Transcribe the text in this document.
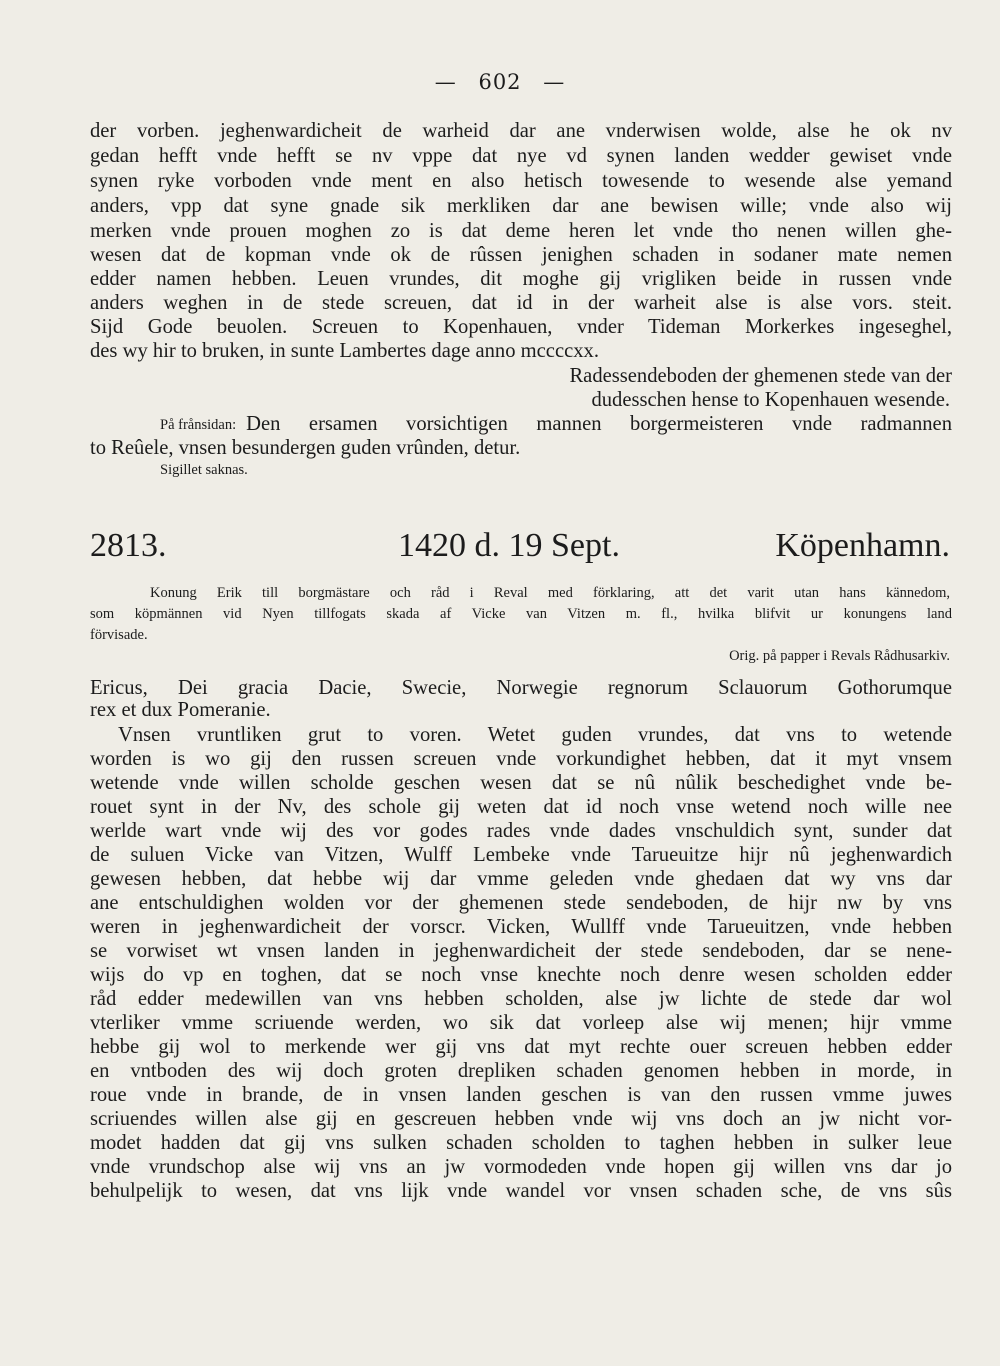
— 602 —
der vorben. jeghenwardicheit de warheid dar ane vnderwisen wolde, alse he ok nv
gedan hefft vnde hefft se nv vppe dat nye vd synen landen wedder gewiset vnde
synen ryke vorboden vnde ment en also hetisch towesende to wesende alse yemand
anders, vpp dat syne gnade sik merkliken dar ane bewisen wille; vnde also wij
merken vnde prouen moghen zo is dat deme heren let vnde tho nenen willen ghe-
wesen dat de kopman vnde ok de rûssen jenighen schaden in sodaner mate nemen
edder namen hebben. Leuen vrundes, dit moghe gij vrigliken beide in russen vnde
anders weghen in de stede screuen, dat id in der warheit alse is alse vors. steit.
Sijd Gode beuolen. Screuen to Kopenhauen, vnder Tideman Morkerkes ingeseghel,
des wy hir to bruken, in sunte Lambertes dage anno mccccxx.
Radessendeboden der ghemenen stede van der
dudesschen hense to Kopenhauen wesende.
På frånsidan: Den ersamen vorsichtigen mannen borgermeisteren vnde radmannen
to Reûele, vnsen besundergen guden vrûnden, detur.
Sigillet saknas.
2813.	1420 d. 19 Sept.	Köpenhamn.
Konung Erik till borgmästare och råd i Reval med förklaring, att det varit utan hans kännedom,
som köpmännen vid Nyen tillfogats skada af Vicke van Vitzen m. fl., hvilka blifvit ur konungens land
förvisade.
Orig. på papper i Revals Rådhusarkiv.
Ericus, Dei gracia Dacie, Swecie, Norwegie regnorum Sclauorum Gothorumque
rex et dux Pomeranie.
Vnsen vruntliken grut to voren. Wetet guden vrundes, dat vns to wetende
worden is wo gij den russen screuen vnde vorkundighet hebben, dat it myt vnsem
wetende vnde willen scholde geschen wesen dat se nû nûlik beschedighet vnde be-
rouet synt in der Nv, des schole gij weten dat id noch vnse wetend noch wille nee
werlde wart vnde wij des vor godes rades vnde dades vnschuldich synt, sunder dat
de suluen Vicke van Vitzen, Wulff Lembeke vnde Tarueuitze hijr nû jeghenwardich
gewesen hebben, dat hebbe wij dar vmme geleden vnde ghedaen dat wy vns dar
ane entschuldighen wolden vor der ghemenen stede sendeboden, de hijr nw by vns
weren in jeghenwardicheit der vorscr. Vicken, Wullff vnde Tarueuitzen, vnde hebben
se vorwiset wt vnsen landen in jeghenwardicheit der stede sendeboden, dar se nene-
wijs do vp en toghen, dat se noch vnse knechte noch denre wesen scholden edder
råd edder medewillen van vns hebben scholden, alse jw lichte de stede dar wol
vterliker vmme scriuende werden, wo sik dat vorleep alse wij menen; hijr vmme
hebbe gij wol to merkende wer gij vns dat myt rechte ouer screuen hebben edder
en vntboden des wij doch groten drepliken schaden genomen hebben in morde, in
roue vnde in brande, de in vnsen landen geschen is van den russen vmme juwes
scriuendes willen alse gij en gescreuen hebben vnde wij vns doch an jw nicht vor-
modet hadden dat gij vns sulken schaden scholden to taghen hebben in sulker leue
vnde vrundschop alse wij vns an jw vormodeden vnde hopen gij willen vns dar jo
behulpelijk to wesen, dat vns lijk vnde wandel vor vnsen schaden sche, de vns sûs
